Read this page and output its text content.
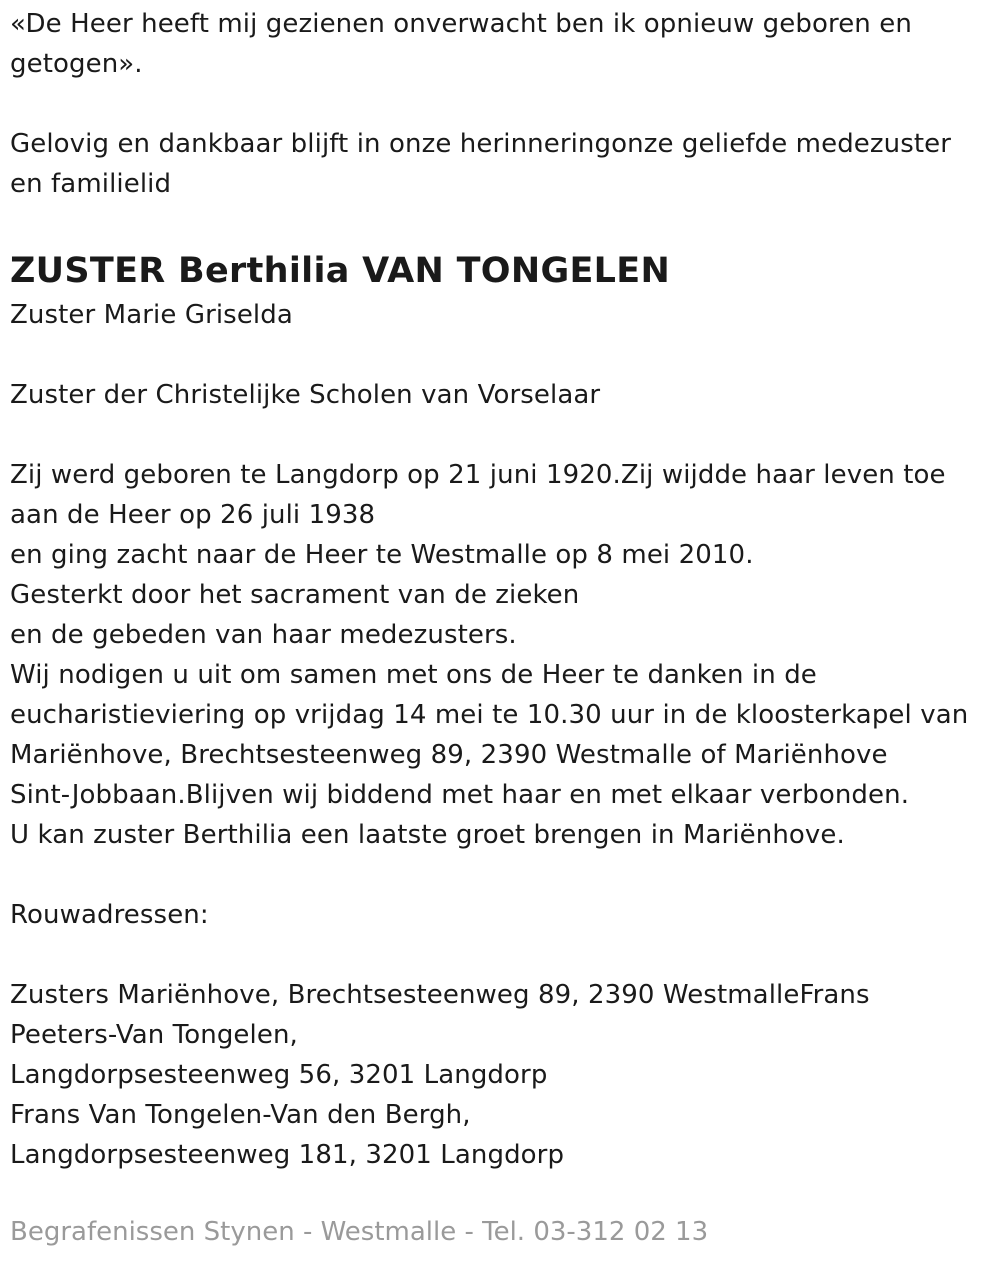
«De Heer heeft mij gezienen onverwacht ben ik opnieuw geboren en

getogen».

Gelovig en dankbaar blijft in onze herinneringonze geliefde medezuster

en familielid

ZUSTER Berthilia VAN TONGELEN

Zuster Marie Griselda

Zuster der Christelijke Scholen van Vorselaar

Zij werd geboren te Langdorp op 21 juni 1920.Zij wijdde haar leven toe

aan de Heer op 26 juli 1938

en ging zacht naar de Heer te Westmalle op 8 mei 2010.

Gesterkt door het sacrament van de zieken

en de gebeden van haar medezusters.

Wij nodigen u uit om samen met ons de Heer te danken in de

eucharistieviering op vrijdag 14 mei te 10.30 uur in de kloosterkapel van

Mariënhove, Brechtsesteenweg 89, 2390 Westmalle of Mariënhove

Sint-Jobbaan.Blijven wij biddend met haar en met elkaar verbonden.

U kan zuster Berthilia een laatste groet brengen in Mariënhove.

Rouwadressen:

Zusters Mariënhove, Brechtsesteenweg 89, 2390 WestmalleFrans

Peeters-Van Tongelen,

Langdorpsesteenweg 56, 3201 Langdorp

Frans Van Tongelen-Van den Bergh,

Langdorpsesteenweg 181, 3201 Langdorp

Begrafenissen Stynen - Westmalle - Tel. 03-312 02 13
